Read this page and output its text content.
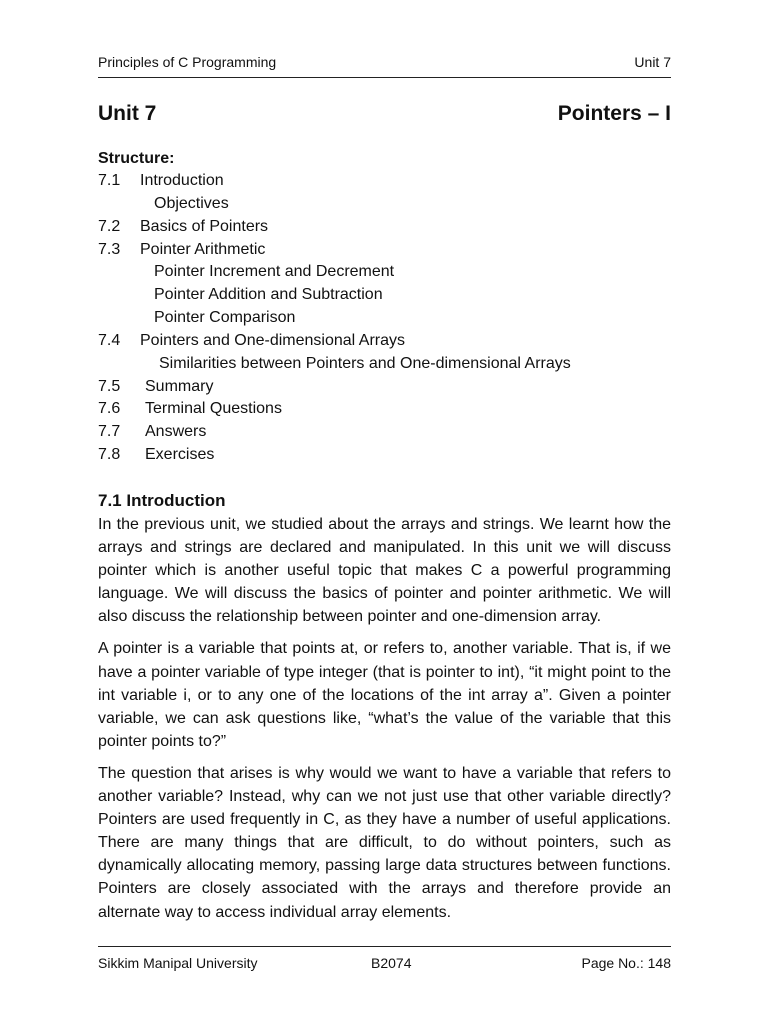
Principles of C Programming	Unit 7
Unit 7	Pointers – I
Structure:
7.1 Introduction
Objectives
7.2 Basics of Pointers
7.3 Pointer Arithmetic
Pointer Increment and Decrement
Pointer Addition and Subtraction
Pointer Comparison
7.4 Pointers and One-dimensional Arrays
Similarities between Pointers and One-dimensional Arrays
7.5 Summary
7.6 Terminal Questions
7.7 Answers
7.8 Exercises
7.1 Introduction

In the previous unit, we studied about the arrays and strings. We learnt how the arrays and strings are declared and manipulated. In this unit we will discuss pointer which is another useful topic that makes C a powerful programming language. We will discuss the basics of pointer and pointer arithmetic. We will also discuss the relationship between pointer and one-dimension array.

A pointer is a variable that points at, or refers to, another variable. That is, if we have a pointer variable of type integer (that is pointer to int), “it might point to the int variable i, or to any one of the locations of the int array a”. Given a pointer variable, we can ask questions like, “what’s the value of the variable that this pointer points to?”

The question that arises is why would we want to have a variable that refers to another variable? Instead, why can we not just use that other variable directly? Pointers are used frequently in C, as they have a number of useful applications. There are many things that are difficult, to do without pointers, such as dynamically allocating memory, passing large data structures between functions. Pointers are closely associated with the arrays and therefore provide an alternate way to access individual array elements.

Sikkim Manipal University	B2074	Page No.: 148
